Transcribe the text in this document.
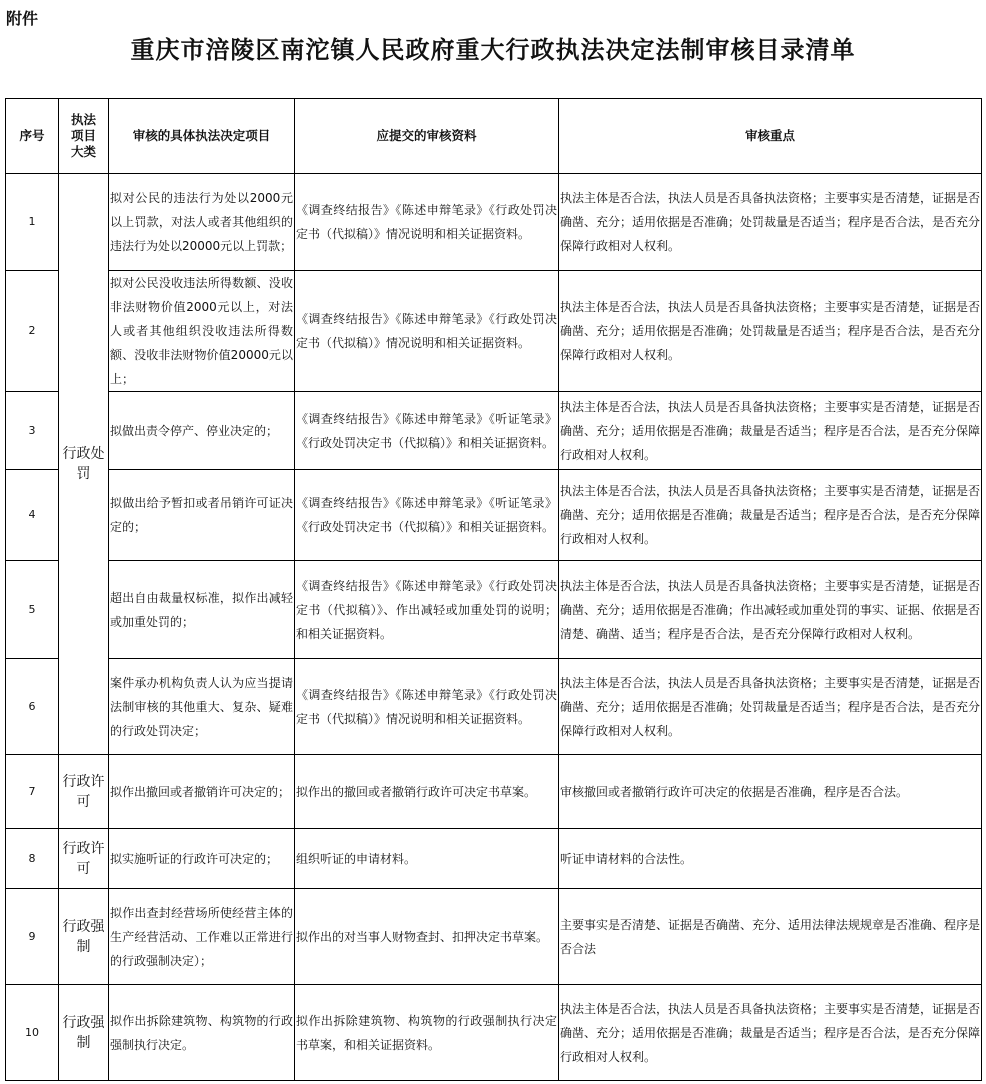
附件
重庆市涪陵区南沱镇人民政府重大行政执法决定法制审核目录清单
序号	执法项目大类	审核的具体执法决定项目	应提交的审核资料	审核重点
1	行政处罚	拟对公民的违法行为处以2000元以上罚款，对法人或者其他组织的违法行为处以20000元以上罚款；	《调查终结报告》《陈述申辩笔录》《行政处罚决定书（代拟稿）》情况说明和相关证据资料。	执法主体是否合法，执法人员是否具备执法资格；主要事实是否清楚，证据是否确凿、充分；适用依据是否准确；处罚裁量是否适当；程序是否合法，是否充分保障行政相对人权利。
2		拟对公民没收违法所得数额、没收非法财物价值2000元以上，对法人或者其他组织没收违法所得数额、没收非法财物价值20000元以上；	《调查终结报告》《陈述申辩笔录》《行政处罚决定书（代拟稿）》情况说明和相关证据资料。	执法主体是否合法，执法人员是否具备执法资格；主要事实是否清楚，证据是否确凿、充分；适用依据是否准确；处罚裁量是否适当；程序是否合法，是否充分保障行政相对人权利。
3		拟做出责令停产、停业决定的；	《调查终结报告》《陈述申辩笔录》《听证笔录》《行政处罚决定书（代拟稿）》和相关证据资料。	执法主体是否合法，执法人员是否具备执法资格；主要事实是否清楚，证据是否确凿、充分；适用依据是否准确；裁量是否适当；程序是否合法，是否充分保障行政相对人权利。
4		拟做出给予暂扣或者吊销许可证决定的；	《调查终结报告》《陈述申辩笔录》《听证笔录》《行政处罚决定书（代拟稿）》和相关证据资料。	执法主体是否合法，执法人员是否具备执法资格；主要事实是否清楚，证据是否确凿、充分；适用依据是否准确；裁量是否适当；程序是否合法，是否充分保障行政相对人权利。
5		超出自由裁量权标准，拟作出减轻或加重处罚的；	《调查终结报告》《陈述申辩笔录》《行政处罚决定书（代拟稿）》、作出减轻或加重处罚的说明；和相关证据资料。	执法主体是否合法，执法人员是否具备执法资格；主要事实是否清楚，证据是否确凿、充分；适用依据是否准确；作出减轻或加重处罚的事实、证据、依据是否清楚、确凿、适当；程序是否合法，是否充分保障行政相对人权利。
6		案件承办机构负责人认为应当提请法制审核的其他重大、复杂、疑难的行政处罚决定；	《调查终结报告》《陈述申辩笔录》《行政处罚决定书（代拟稿）》情况说明和相关证据资料。	执法主体是否合法，执法人员是否具备执法资格；主要事实是否清楚，证据是否确凿、充分；适用依据是否准确；处罚裁量是否适当；程序是否合法，是否充分保障行政相对人权利。
7	行政许可	拟作出撤回或者撤销许可决定的；	拟作出的撤回或者撤销行政许可决定书草案。	审核撤回或者撤销行政许可决定的依据是否准确，程序是否合法。
8	行政许可	拟实施听证的行政许可决定的；	组织听证的申请材料。	听证申请材料的合法性。
9	行政强制	拟作出查封经营场所使经营主体的生产经营活动、工作难以正常进行的行政强制决定）；	拟作出的对当事人财物查封、扣押决定书草案。	主要事实是否清楚、证据是否确凿、充分、适用法律法规规章是否准确、程序是否合法
10	行政强制	拟作出拆除建筑物、构筑物的行政强制执行决定。	拟作出拆除建筑物、构筑物的行政强制执行决定书草案，和相关证据资料。	执法主体是否合法，执法人员是否具备执法资格；主要事实是否清楚，证据是否确凿、充分；适用依据是否准确；裁量是否适当；程序是否合法，是否充分保障行政相对人权利。
